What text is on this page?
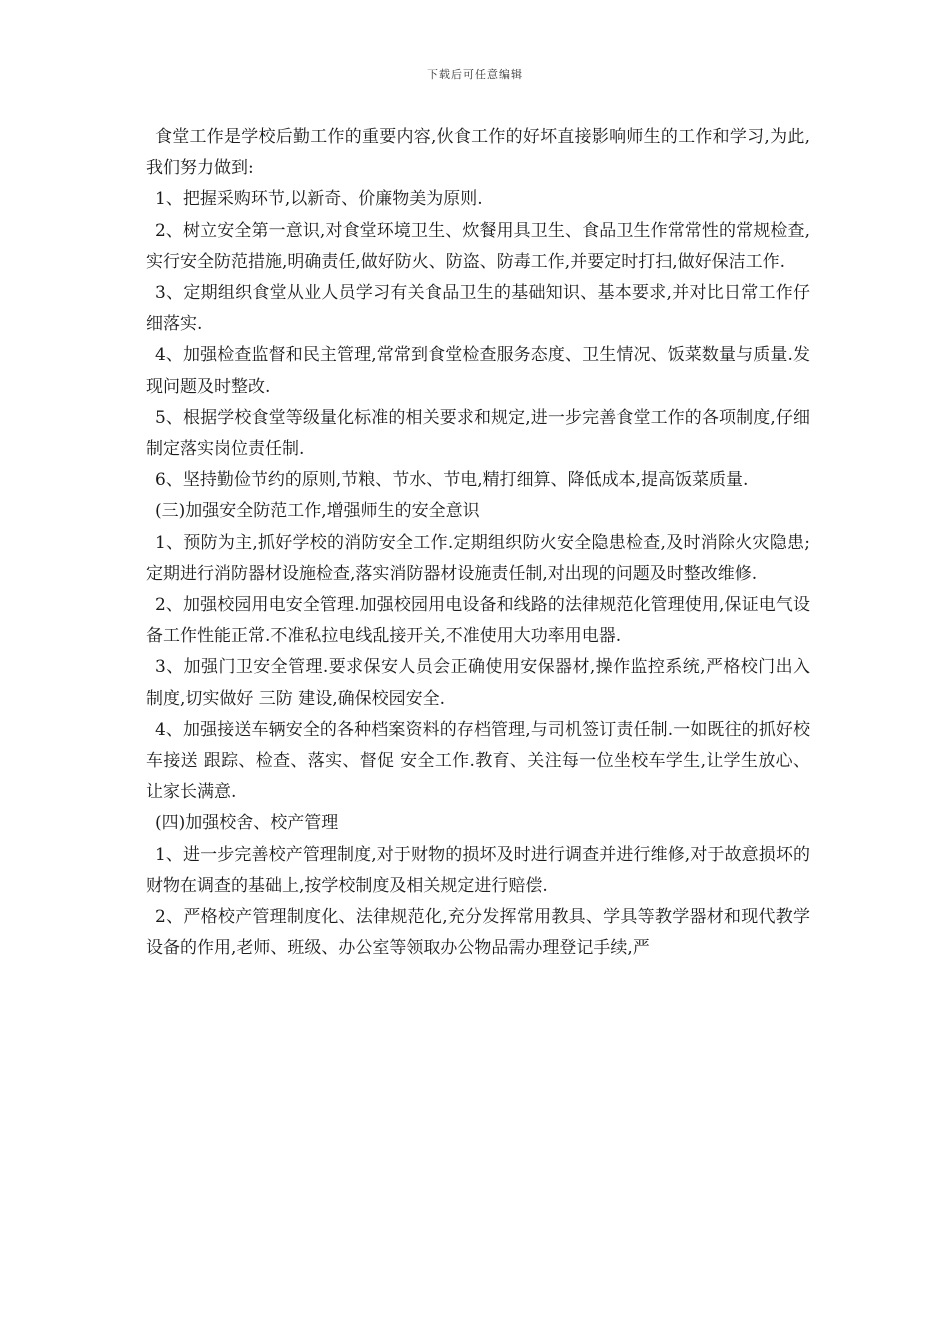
下载后可任意编辑

食堂工作是学校后勤工作的重要内容,伙食工作的好坏直接影响师生的工作和学习,为此,我们努力做到:

1、把握采购环节,以新奇、价廉物美为原则.

2、树立安全第一意识,对食堂环境卫生、炊餐用具卫生、食品卫生作常常性的常规检查,实行安全防范措施,明确责任,做好防火、防盗、防毒工作,并要定时打扫,做好保洁工作.

3、定期组织食堂从业人员学习有关食品卫生的基础知识、基本要求,并对比日常工作仔细落实.

4、加强检查监督和民主管理,常常到食堂检查服务态度、卫生情况、饭菜数量与质量.发现问题及时整改.

5、根据学校食堂等级量化标准的相关要求和规定,进一步完善食堂工作的各项制度,仔细制定落实岗位责任制.

6、坚持勤俭节约的原则,节粮、节水、节电,精打细算、降低成本,提高饭菜质量.

(三)加强安全防范工作,增强师生的安全意识

1、预防为主,抓好学校的消防安全工作.定期组织防火安全隐患检查,及时消除火灾隐患;定期进行消防器材设施检查,落实消防器材设施责任制,对出现的问题及时整改维修.

2、加强校园用电安全管理.加强校园用电设备和线路的法律规范化管理使用,保证电气设备工作性能正常.不准私拉电线乱接开关,不准使用大功率用电器.

3、加强门卫安全管理.要求保安人员会正确使用安保器材,操作监控系统,严格校门出入制度,切实做好 三防 建设,确保校园安全.

4、加强接送车辆安全的各种档案资料的存档管理,与司机签订责任制.一如既往的抓好校车接送 跟踪、检查、落实、督促 安全工作.教育、关注每一位坐校车学生,让学生放心、让家长满意.

(四)加强校舍、校产管理

1、进一步完善校产管理制度,对于财物的损坏及时进行调查并进行维修,对于故意损坏的财物在调查的基础上,按学校制度及相关规定进行赔偿.

2、严格校产管理制度化、法律规范化,充分发挥常用教具、学具等教学器材和现代教学设备的作用,老师、班级、办公室等领取办公物品需办理登记手续,严
